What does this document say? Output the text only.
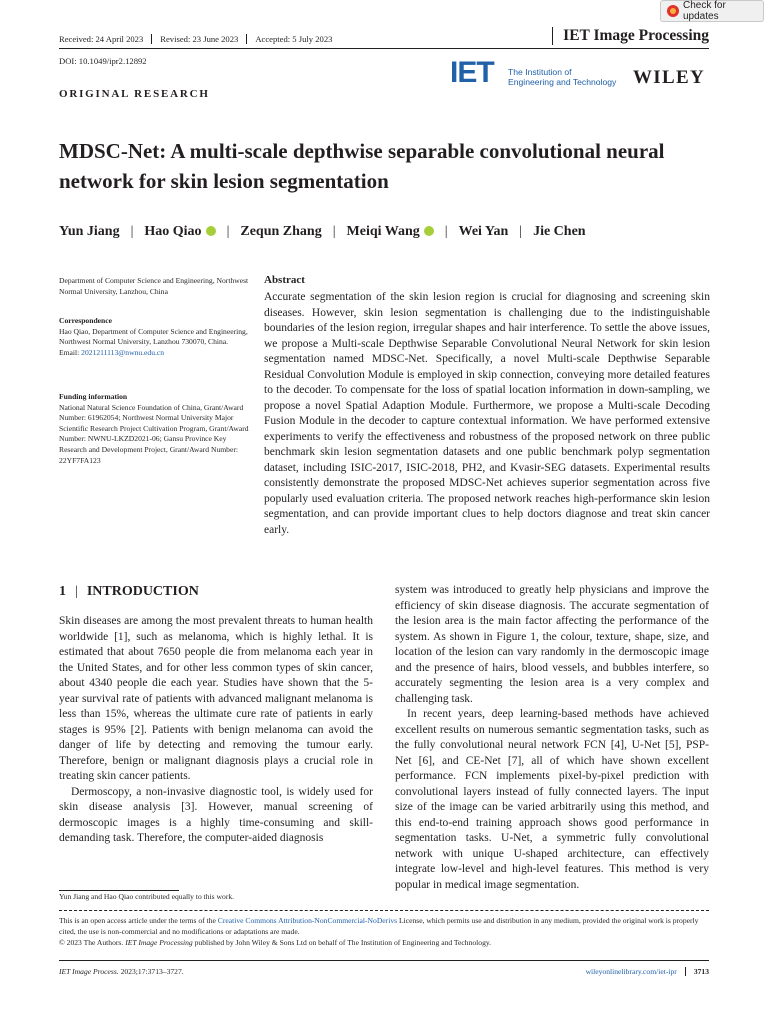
Received: 24 April 2023	Revised: 23 June 2023	Accepted: 5 July 2023	IET Image Processing
DOI: 10.1049/ipr2.12892
ORIGINAL RESEARCH
Check for updates
IET The Institution of
Engineering and Technology WILEY
MDSC-Net: A multi-scale depthwise separable convolutional neural network for skin lesion segmentation
Yun Jiang | Hao Qiao	| Zequn Zhang | Meiqi Wang	| Wei Yan | Jie Chen
Department of Computer Science and Engineering, Northwest Normal University, Lanzhou, China
Correspondence
Hao Qiao, Department of Computer Science and Engineering, Northwest Normal University, Lanzhou 730070, China.
Email: 2021211113@nwnu.edu.cn
Funding information
National Natural Science Foundation of China, Grant/Award Number: 61962054; Northwest Normal University Major Scientific Research Project Cultivation Program, Grant/Award Number: NWNU-LKZD2021-06; Gansu Province Key Research and Development Project, Grant/Award Number: 22YF7FA123
Abstract
Accurate segmentation of the skin lesion region is crucial for diagnosing and screening skin diseases. However, skin lesion segmentation is challenging due to the indistinguishable boundaries of the lesion region, irregular shapes and hair interference. To settle the above issues, we propose a Multi-scale Depthwise Separable Convolutional Neural Network for skin lesion segmentation named MDSC-Net. Specifically, a novel Multi-scale Depthwise Separable Residual Convolution Module is employed in skip connection, conveying more detailed features to the decoder. To compensate for the loss of spatial location information in down-sampling, we propose a novel Spatial Adaption Module. Furthermore, we propose a Multi-scale Decoding Fusion Module in the decoder to capture contextual information. We have performed extensive experiments to verify the effectiveness and robustness of the proposed network on three public benchmark skin lesion segmentation datasets and one public benchmark polyp segmentation dataset, including ISIC-2017, ISIC-2018, PH2, and Kvasir-SEG datasets. Experimental results consistently demonstrate the proposed MDSC-Net achieves superior segmentation across five popularly used evaluation criteria. The proposed network reaches high-performance skin lesion segmentation, and can provide important clues to help doctors diagnose and treat skin cancer early.
1 | INTRODUCTION

Skin diseases are among the most prevalent threats to human health worldwide [1], such as melanoma, which is highly lethal. It is estimated that about 7650 people die from melanoma each year in the United States, and for other less common types of skin cancer, about 4340 people die each year. Studies have shown that the 5-year survival rate of patients with advanced malignant melanoma is less than 15%, whereas the ultimate cure rate of patients in early stages is 95% [2]. Patients with benign melanoma can avoid the danger of life by detecting and removing the tumour early. Therefore, benign or malignant diagnosis plays a crucial role in treating skin cancer patients.

Dermoscopy, a non-invasive diagnostic tool, is widely used for skin disease analysis [3]. However, manual screening of dermoscopic images is a highly time-consuming and skill-demanding task. Therefore, the computer-aided diagnosis

system was introduced to greatly help physicians and improve the efficiency of skin disease diagnosis. The accurate segmentation of the lesion area is the main factor affecting the performance of the system. As shown in Figure 1, the colour, texture, shape, size, and location of the lesion can vary randomly in the dermoscopic image and the presence of hairs, blood vessels, and bubbles interfere, so accurately segmenting the lesion area is a very complex and challenging task.

In recent years, deep learning-based methods have achieved excellent results on numerous semantic segmentation tasks, such as the fully convolutional neural network FCN [4], U-Net [5], PSP-Net [6], and CE-Net [7], all of which have shown excellent performance. FCN implements pixel-by-pixel prediction with convolutional layers instead of fully connected layers. The input size of the image can be varied arbitrarily using this method, and this end-to-end training approach shows good performance in segmentation tasks. U-Net, a symmetric fully convolutional network with unique U-shaped architecture, can effectively integrate low-level and high-level features. This method is very popular in medical image segmentation.

Yun Jiang and Hao Qiao contributed equally to this work.
This is an open access article under the terms of the Creative Commons Attribution-NonCommercial-NoDerivs License, which permits use and distribution in any medium, provided the original work is properly cited, the use is non-commercial and no modifications or adaptations are made.
© 2023 The Authors. IET Image Processing published by John Wiley & Sons Ltd on behalf of The Institution of Engineering and Technology.
IET Image Process. 2023;17:3713–3727.	wileyonlinelibrary.com/iet-ipr	3713
